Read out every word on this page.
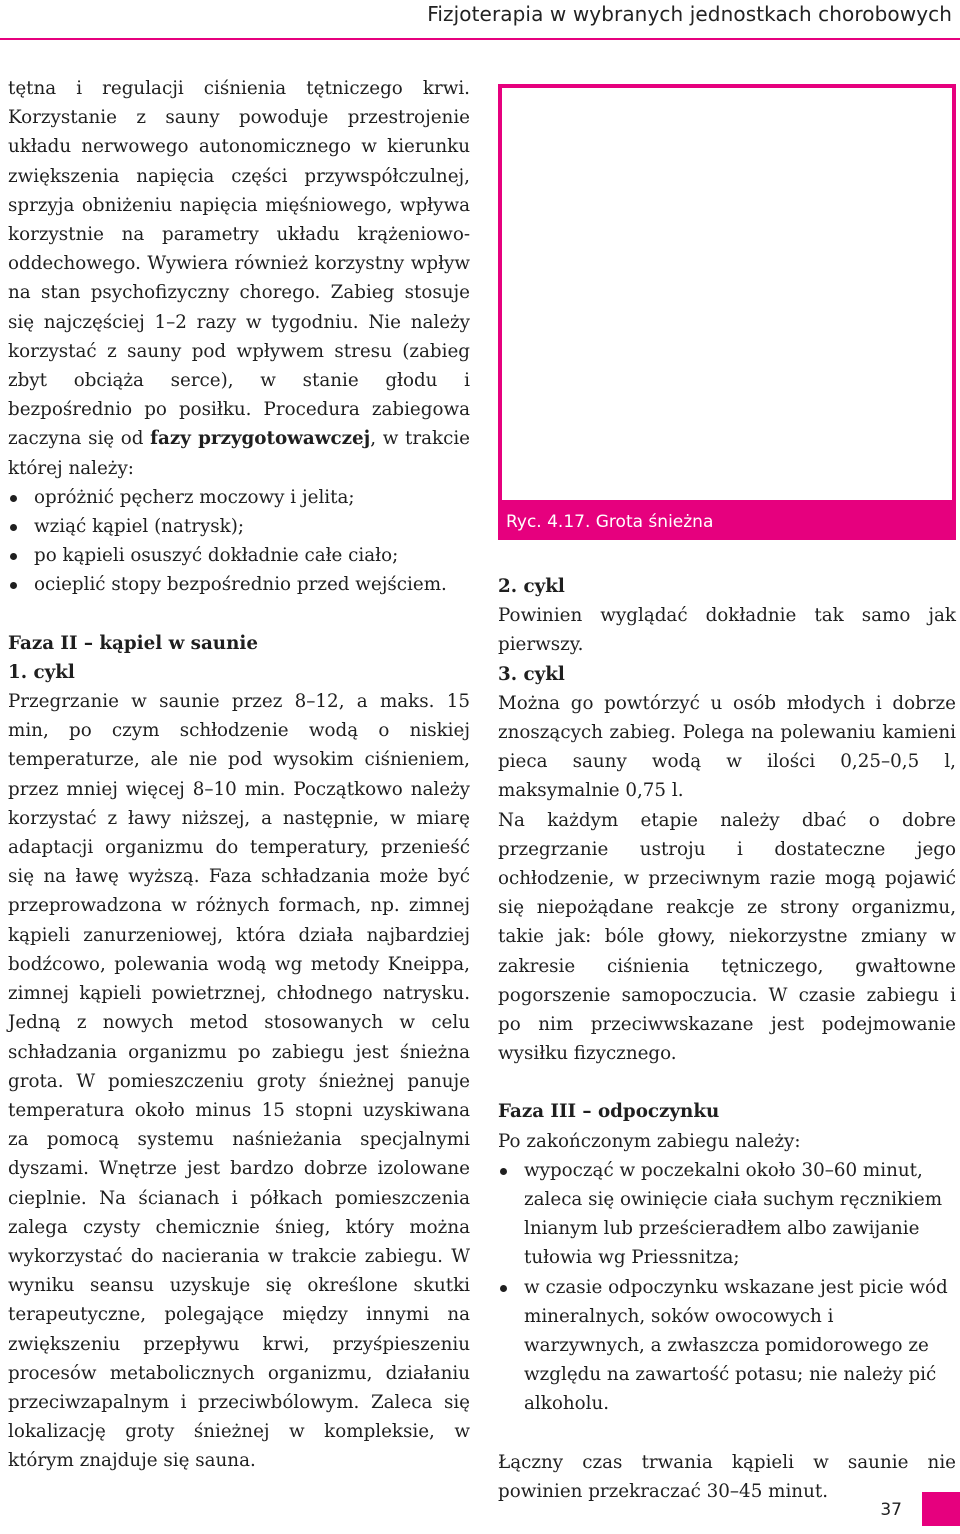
Fizjoterapia w wybranych jednostkach chorobowych

tętna i regulacji ciśnienia tętniczego krwi. Korzystanie z sauny powoduje przestrojenie układu nerwowego autonomicznego w kierunku zwiększenia napięcia części przywspółczulnej, sprzyja obniżeniu napięcia mięśniowego, wpływa korzystnie na parametry układu krążeniowo-oddechowego. Wywiera również korzystny wpływ na stan psychofizyczny chorego. Zabieg stosuje się najczęściej 1–2 razy w tygodniu. Nie należy korzystać z sauny pod wpływem stresu (zabieg zbyt obciąża serce), w stanie głodu i bezpośrednio po posiłku. Procedura zabiegowa zaczyna się od fazy przygotowawczej, w trakcie której należy:

opróżnić pęcherz moczowy i jelita;
wziąć kąpiel (natrysk);
po kąpieli osuszyć dokładnie całe ciało;
ocieplić stopy bezpośrednio przed wejściem.

Faza II – kąpiel w saunie

1. cykl

Przegrzanie w saunie przez 8–12, a maks. 15 min, po czym schłodzenie wodą o niskiej temperaturze, ale nie pod wysokim ciśnieniem, przez mniej więcej 8–10 min. Początkowo należy korzystać z ławy niższej, a następnie, w miarę adaptacji organizmu do temperatury, przenieść się na ławę wyższą. Faza schładzania może być przeprowadzona w różnych formach, np. zimnej kąpieli zanurzeniowej, która działa najbardziej bodźcowo, polewania wodą wg metody Kneippa, zimnej kąpieli powietrznej, chłodnego natrysku. Jedną z nowych metod stosowanych w celu schładzania organizmu po zabiegu jest śnieżna grota. W pomieszczeniu groty śnieżnej panuje temperatura około minus 15 stopni uzyskiwana za pomocą systemu naśnieżania specjalnymi dyszami. Wnętrze jest bardzo dobrze izolowane cieplnie. Na ścianach i półkach pomieszczenia zalega czysty chemicznie śnieg, który można wykorzystać do nacierania w trakcie zabiegu. W wyniku seansu uzyskuje się określone skutki terapeutyczne, polegające między innymi na zwiększeniu przepływu krwi, przyśpieszeniu procesów metabolicznych organizmu, działaniu przeciwzapalnym i przeciwbólowym. Zaleca się lokalizację groty śnieżnej w kompleksie, w którym znajduje się sauna.

Ryc. 4.17. Grota śnieżna

2. cykl

Powinien wyglądać dokładnie tak samo jak pierwszy.

3. cykl

Można go powtórzyć u osób młodych i dobrze znoszących zabieg. Polega na polewaniu kamieni pieca sauny wodą w ilości 0,25–0,5 l, maksymalnie 0,75 l.

Na każdym etapie należy dbać o dobre przegrzanie ustroju i dostateczne jego ochłodzenie, w przeciwnym razie mogą pojawić się niepożądane reakcje ze strony organizmu, takie jak: bóle głowy, niekorzystne zmiany w zakresie ciśnienia tętniczego, gwałtowne pogorszenie samopoczucia. W czasie zabiegu i po nim przeciwwskazane jest podejmowanie wysiłku fizycznego.

Faza III – odpoczynku

Po zakończonym zabiegu należy:

wypocząć w poczekalni około 30–60 minut, zaleca się owinięcie ciała suchym ręcznikiem lnianym lub prześcieradłem albo zawijanie tułowia wg Priessnitza;
w czasie odpoczynku wskazane jest picie wód mineralnych, soków owocowych i warzywnych, a zwłaszcza pomidorowego ze względu na zawartość potasu; nie należy pić alkoholu.

Łączny czas trwania kąpieli w saunie nie powinien przekraczać 30–45 minut.

37
